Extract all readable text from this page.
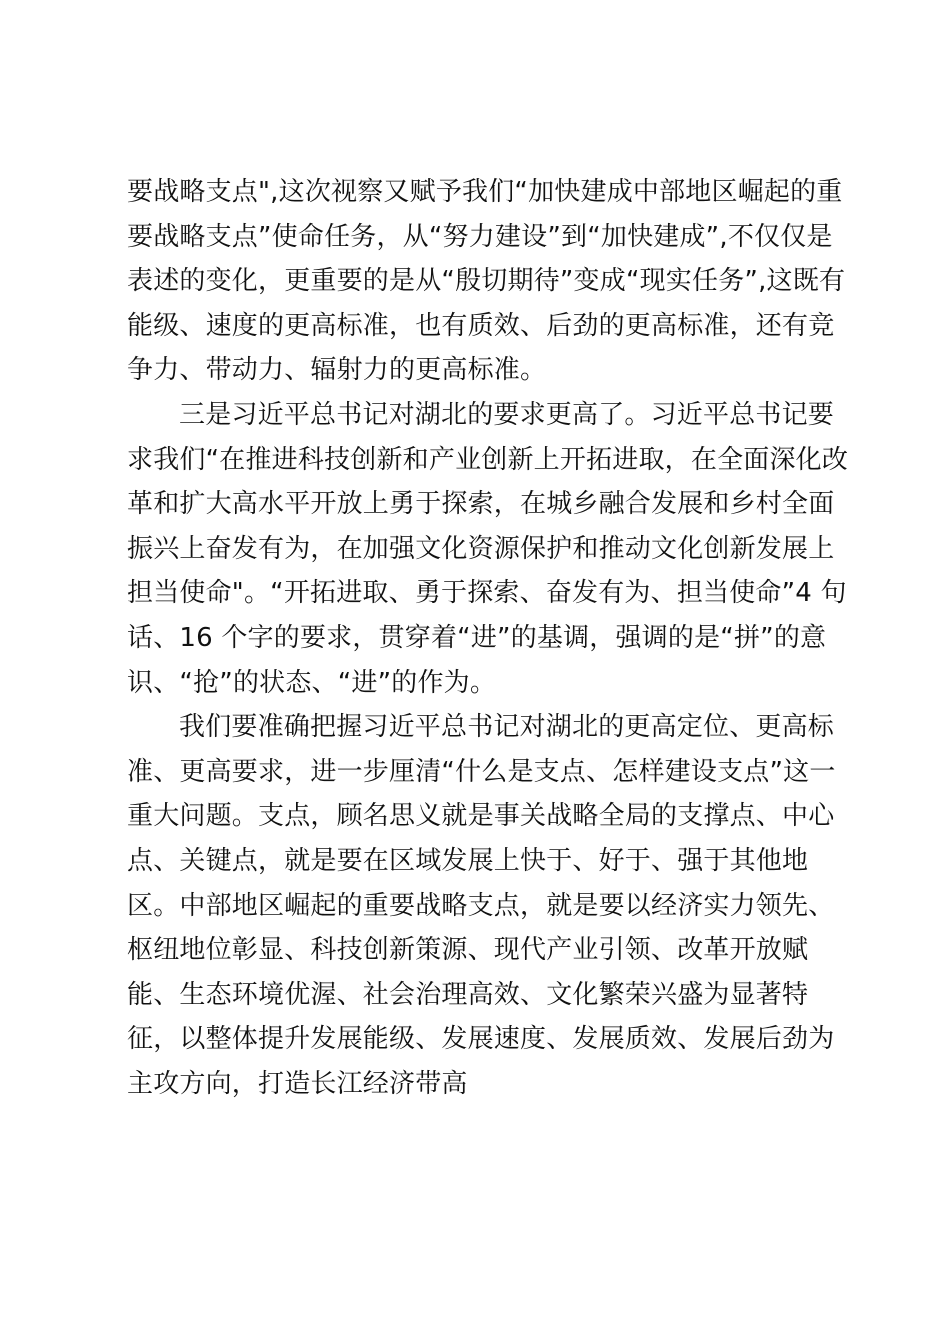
要战略支点",这次视察又赋予我们“加快建成中部地区崛起的重
要战略支点”使命任务，从“努力建设”到“加快建成”,不仅仅是
表述的变化，更重要的是从“殷切期待”变成“现实任务”,这既有
能级、速度的更高标准，也有质效、后劲的更高标准，还有竞
争力、带动力、辐射力的更高标准。
三是习近平总书记对湖北的要求更高了。习近平总书记要
求我们“在推进科技创新和产业创新上开拓进取，在全面深化改
革和扩大高水平开放上勇于探索，在城乡融合发展和乡村全面
振兴上奋发有为，在加强文化资源保护和推动文化创新发展上
担当使命"。“开拓进取、勇于探索、奋发有为、担当使命”4 句
话、16 个字的要求，贯穿着“进”的基调，强调的是“拼”的意
识、“抢”的状态、“进”的作为。
我们要准确把握习近平总书记对湖北的更高定位、更高标
准、更高要求，进一步厘清“什么是支点、怎样建设支点”这一
重大问题。支点，顾名思义就是事关战略全局的支撑点、中心
点、关键点，就是要在区域发展上快于、好于、强于其他地
区。中部地区崛起的重要战略支点，就是要以经济实力领先、
枢纽地位彰显、科技创新策源、现代产业引领、改革开放赋
能、生态环境优渥、社会治理高效、文化繁荣兴盛为显著特
征，以整体提升发展能级、发展速度、发展质效、发展后劲为
主攻方向，打造长江经济带高
